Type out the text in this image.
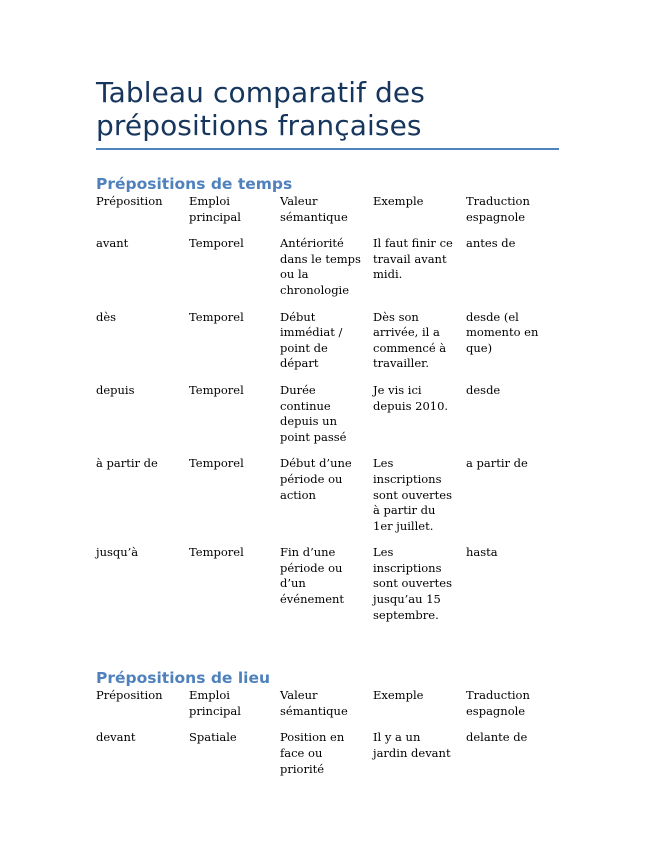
Tableau comparatif des prépositions françaises
Prépositions de temps
Préposition	Emploi principal	Valeur sémantique	Exemple	Traduction espagnole
avant	Temporel	Antériorité dans le temps ou la chronologie	Il faut finir ce travail avant midi.	antes de
dès	Temporel	Début immédiat / point de départ	Dès son arrivée, il a commencé à travailler.	desde (el momento en que)
depuis	Temporel	Durée continue depuis un point passé	Je vis ici depuis 2010.	desde
à partir de	Temporel	Début d’une période ou action	Les inscriptions sont ouvertes à partir du 1er juillet.	a partir de
jusqu’à	Temporel	Fin d’une période ou d’un événement	Les inscriptions sont ouvertes jusqu’au 15 septembre.	hasta
Prépositions de lieu
Préposition	Emploi principal	Valeur sémantique	Exemple	Traduction espagnole
devant	Spatiale	Position en face ou priorité	Il y a un jardin devant	delante de
